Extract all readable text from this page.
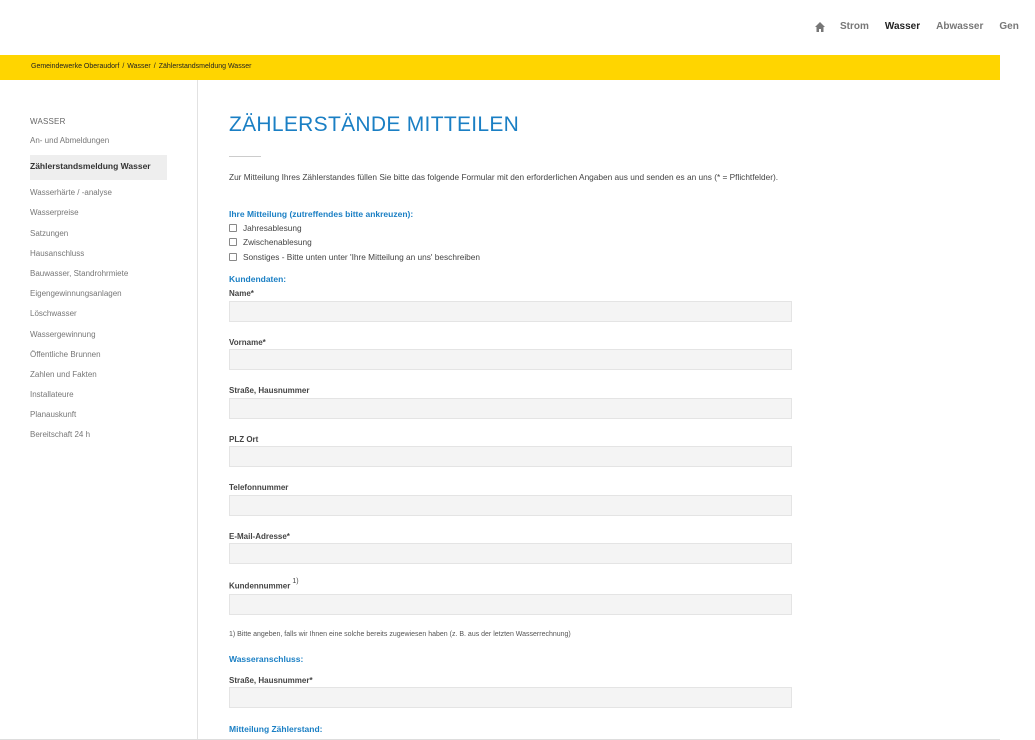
Strom Wasser Abwasser Gen
Gemeindewerke Oberaudorf / Wasser / Zählerstandsmeldung Wasser
WASSER
An- und Abmeldungen
Zählerstandsmeldung Wasser
Wasserhärte / -analyse
Wasserpreise
Satzungen
Hausanschluss
Bauwasser, Standrohrmiete
Eigengewinnungsanlagen
Löschwasser
Wassergewinnung
Öffentliche Brunnen
Zahlen und Fakten
Installateure
Planauskunft
Bereitschaft 24 h
ZÄHLERSTÄNDE MITTEILEN

Zur Mitteilung Ihres Zählerstandes füllen Sie bitte das folgende Formular mit den erforderlichen Angaben aus und senden es an uns (* = Pflichtfelder).

Ihre Mitteilung (zutreffendes bitte ankreuzen):
Jahresablesung
Zwischenablesung
Sonstiges - Bitte unten unter 'Ihre Mitteilung an uns' beschreiben
Kundendaten:
Name*
Vorname*
Straße, Hausnummer
PLZ Ort
Telefonnummer
E-Mail-Adresse*
Kundennummer$^{1)}$
1) Bitte angeben, falls wir Ihnen eine solche bereits zugewiesen haben (z. B. aus der letzten Wasserrechnung)
Wasseranschluss:
Straße, Hausnummer*
Mitteilung Zählerstand:
